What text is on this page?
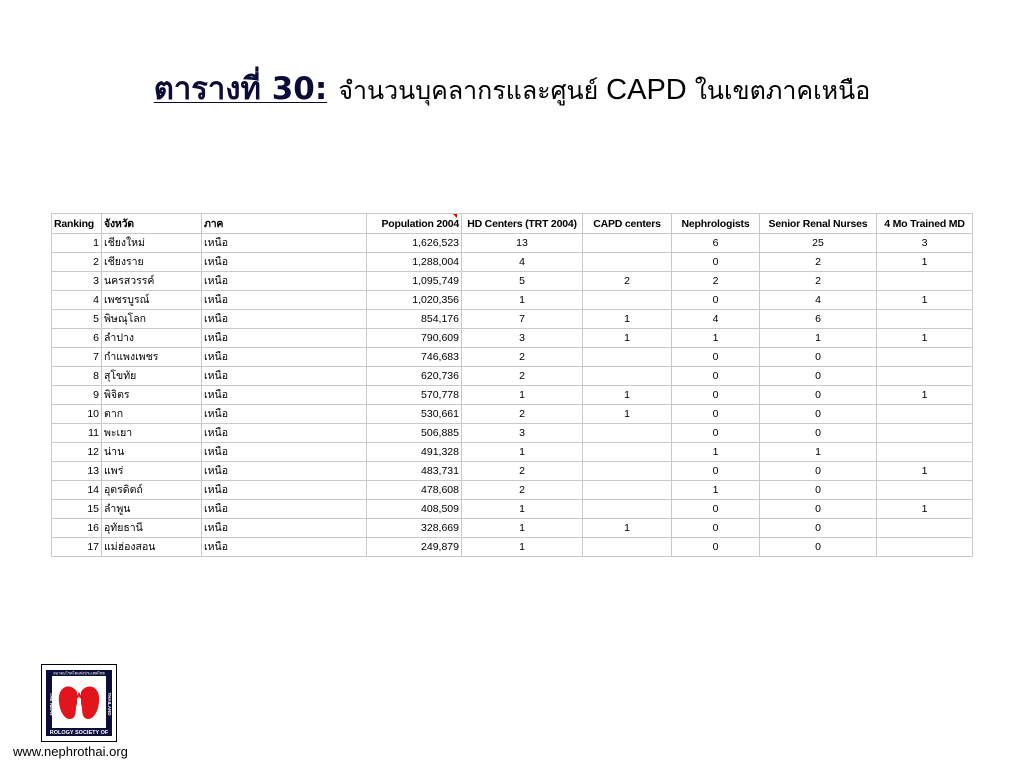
ตารางที่ 30: จำนวนบุคลากรและศูนย์ CAPD ในเขตภาคเหนือ
Ranking	จังหวัด	ภาค	Population 2004	HD Centers (TRT 2004)	CAPD centers	Nephrologists	Senior Renal Nurses	4 Mo Trained MD
1	เชียงใหม่	เหนือ	1,626,523	13		6	25	3
2	เชียงราย	เหนือ	1,288,004	4		0	2	1
3	นครสวรรค์	เหนือ	1,095,749	5	2	2	2	
4	เพชรบูรณ์	เหนือ	1,020,356	1		0	4	1
5	พิษณุโลก	เหนือ	854,176	7	1	4	6	
6	ลำปาง	เหนือ	790,609	3	1	1	1	1
7	กำแพงเพชร	เหนือ	746,683	2		0	0	
8	สุโขทัย	เหนือ	620,736	2		0	0	
9	พิจิตร	เหนือ	570,778	1	1	0	0	1
10	ตาก	เหนือ	530,661	2	1	0	0	
11	พะเยา	เหนือ	506,885	3		0	0	
12	น่าน	เหนือ	491,328	1		1	1	
13	แพร่	เหนือ	483,731	2		0	0	1
14	อุตรดิตถ์	เหนือ	478,608	2		1	0	
15	ลำพูน	เหนือ	408,509	1		0	0	1
16	อุทัยธานี	เหนือ	328,669	1	1	0	0	
17	แม่ฮ่องสอน	เหนือ	249,879	1		0	0	
สมาคมโรคไตแห่งประเทศไทย
ROLOGY SOCIETY OF
THE NEPH	THAILAND
www.nephrothai.org
